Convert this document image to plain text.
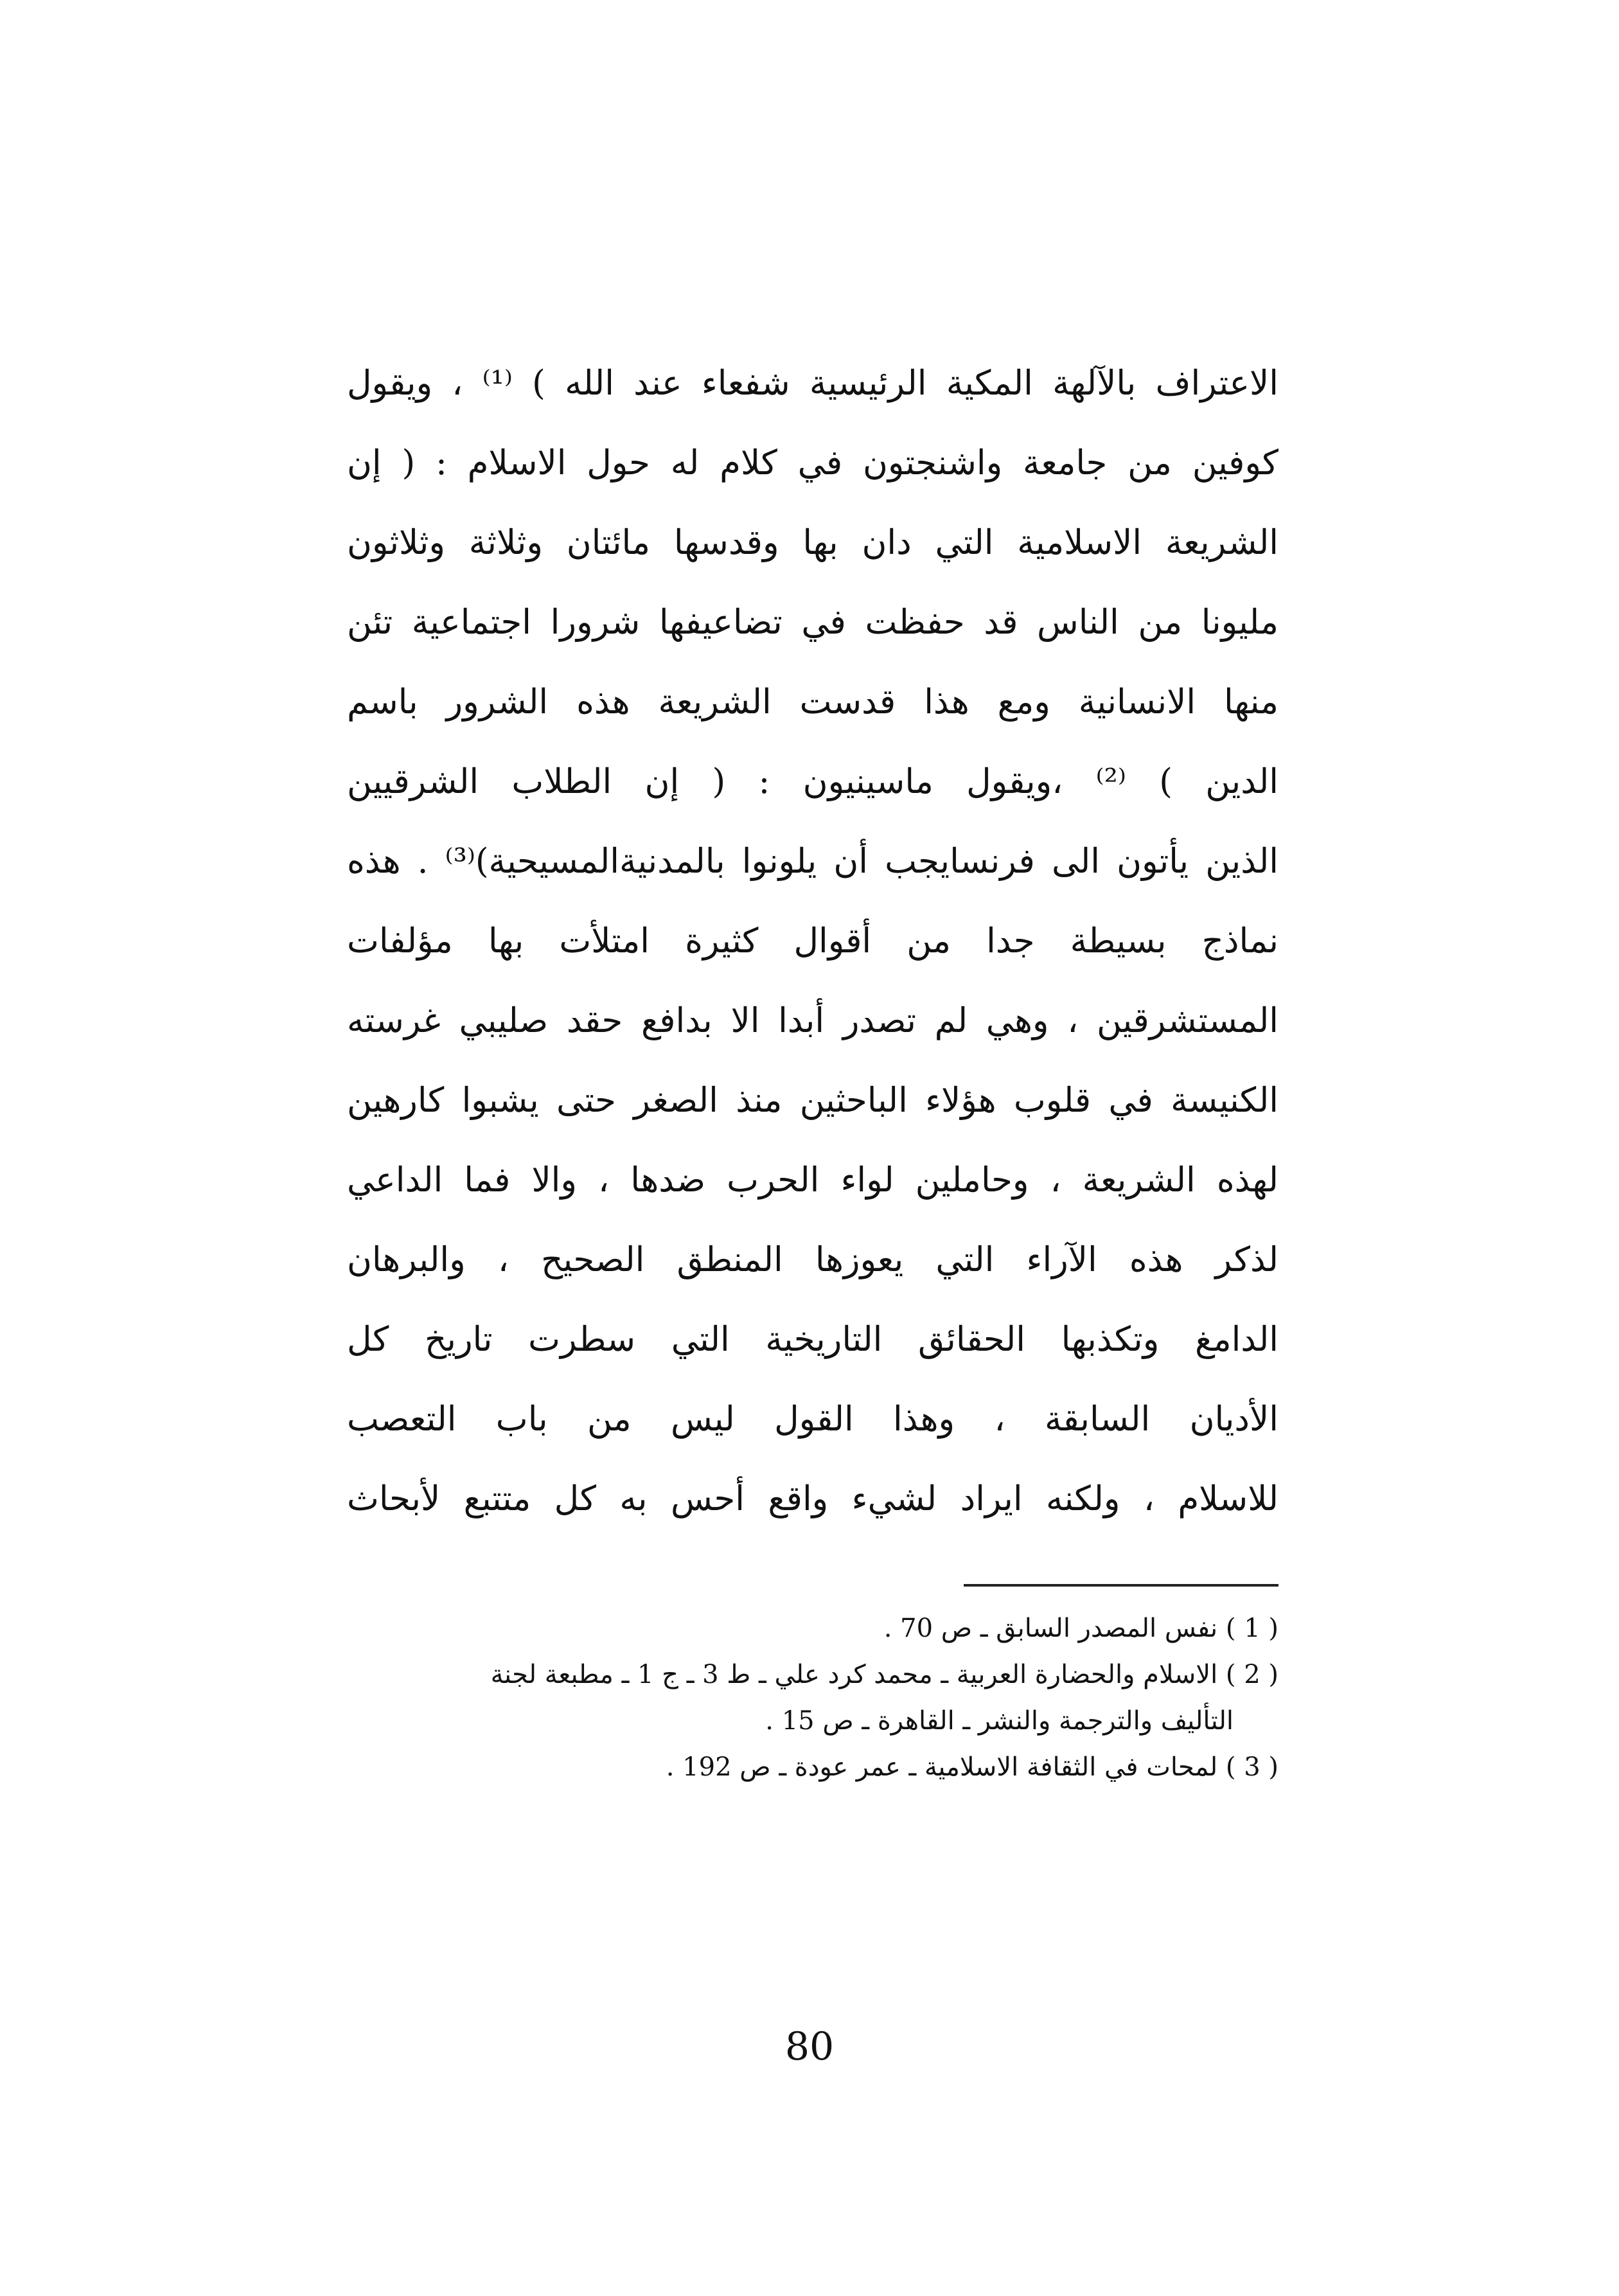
الاعتراف بالآلهة المكية الرئيسية شفعاء عند الله ) ⁽¹⁾ ، ويقول
كوفين من جامعة واشنجتون في كلام له حول الاسلام : ( إن
الشريعة الاسلامية التي دان بها وقدسها مائتان وثلاثة وثلاثون
مليونا من الناس قد حفظت في تضاعيفها شرورا اجتماعية تئن
منها الانسانية ومع هذا قدست الشريعة هذه الشرور باسم
الدين ) ⁽²⁾ ،ويقول ماسينيون : ( إن الطلاب الشرقيين
الذين يأتون الى فرنسايجب أن يلونوا بالمدنيةالمسيحية)⁽³⁾ . هذه
نماذج بسيطة جدا من أقوال كثيرة امتلأت بها مؤلفات
المستشرقين ، وهي لم تصدر أبدا الا بدافع حقد صليبي غرسته
الكنيسة في قلوب هؤلاء الباحثين منذ الصغر حتى يشبوا كارهين
لهذه الشريعة ، وحاملين لواء الحرب ضدها ، والا فما الداعي
لذكر هذه الآراء التي يعوزها المنطق الصحيح ، والبرهان
الدامغ وتكذبها الحقائق التاريخية التي سطرت تاريخ كل
الأديان السابقة ، وهذا القول ليس من باب التعصب
للاسلام ، ولكنه ايراد لشيء واقع أحس به كل متتبع لأبحاث
( 1 ) نفس المصدر السابق ـ ص 70 .
( 2 ) الاسلام والحضارة العربية ـ محمد كرد علي ـ ط 3 ـ ج 1 ـ مطبعة لجنة
التأليف والترجمة والنشر ـ القاهرة ـ ص 15 .
( 3 ) لمحات في الثقافة الاسلامية ـ عمر عودة ـ ص 192 .
80
